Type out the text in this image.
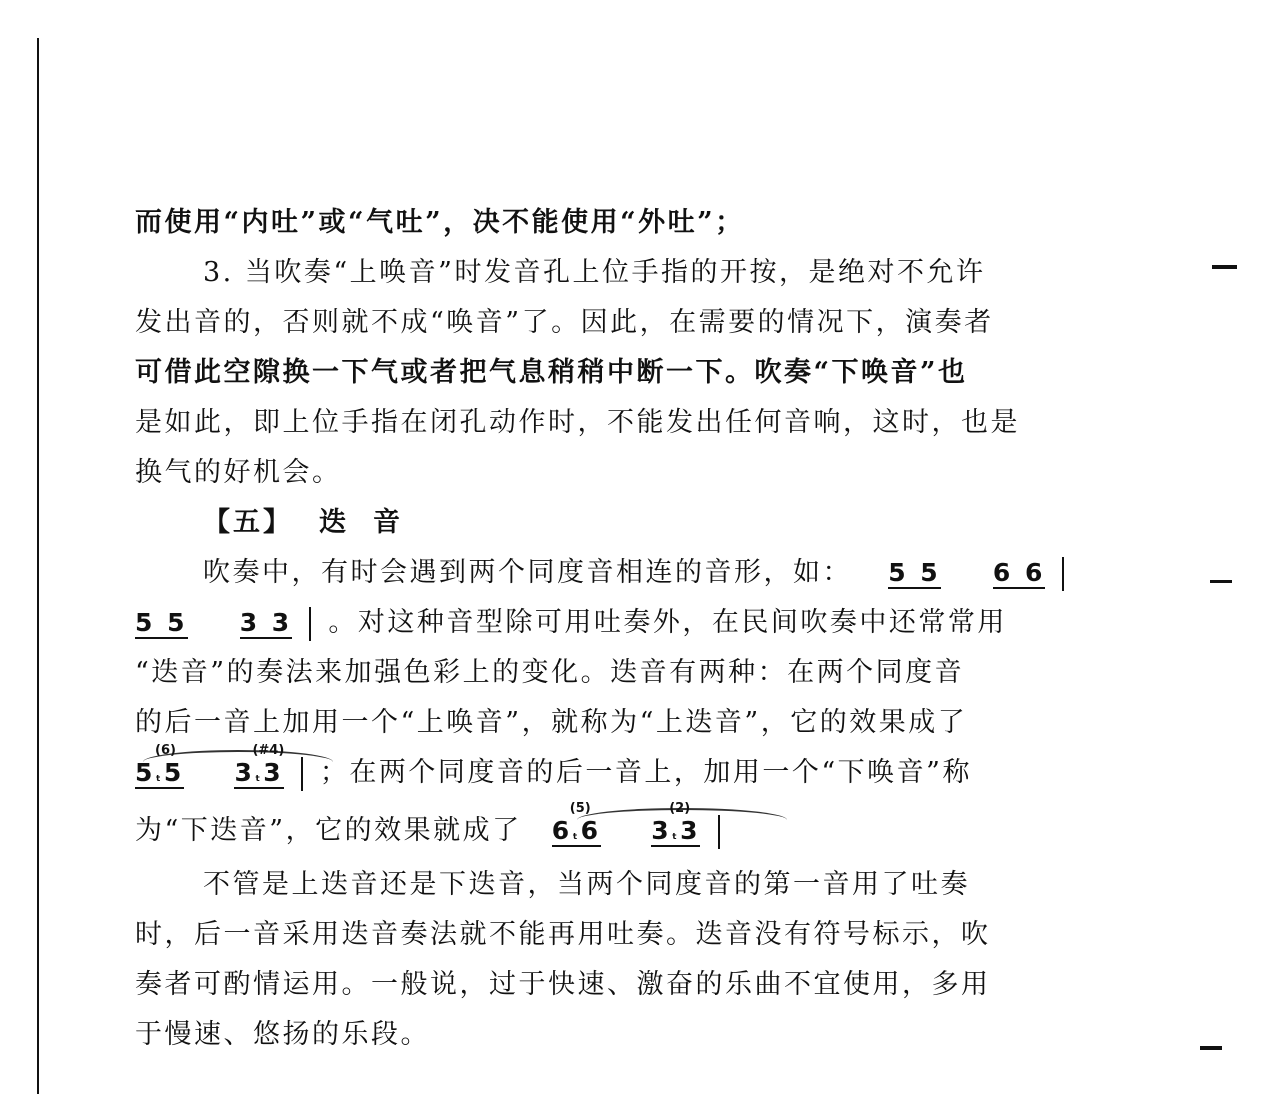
而使用“内吐”或“气吐”，决不能使用“外吐”；
3. 当吹奏“上唤音”时发音孔上位手指的开按，是绝对不允许
发出音的，否则就不成“唤音”了。因此，在需要的情况下，演奏者
可借此空隙换一下气或者把气息稍稍中断一下。吹奏“下唤音”也
是如此，即上位手指在闭孔动作时，不能发出任何音响，这时，也是
换气的好机会。
【五】 迭 音
吹奏中，有时会遇到两个同度音相连的音形，如： 5 5 6 6
5 5 3 3 。对这种音型除可用吐奏外，在民间吹奏中还常常用
“迭音”的奏法来加强色彩上的变化。迭音有两种：在两个同度音
的后一音上加用一个“上唤音”，就称为“上迭音”，它的效果成了
5
(6)
ₜ5 3
(#4)
ₜ3 ；在两个同度音的后一音上，加用一个“下唤音”称
为“下迭音”，它的效果就成了 6
(5)
ₜ6 3
(2)
ₜ3
不管是上迭音还是下迭音，当两个同度音的第一音用了吐奏
时，后一音采用迭音奏法就不能再用吐奏。迭音没有符号标示，吹
奏者可酌情运用。一般说，过于快速、激奋的乐曲不宜使用，多用
于慢速、悠扬的乐段。
